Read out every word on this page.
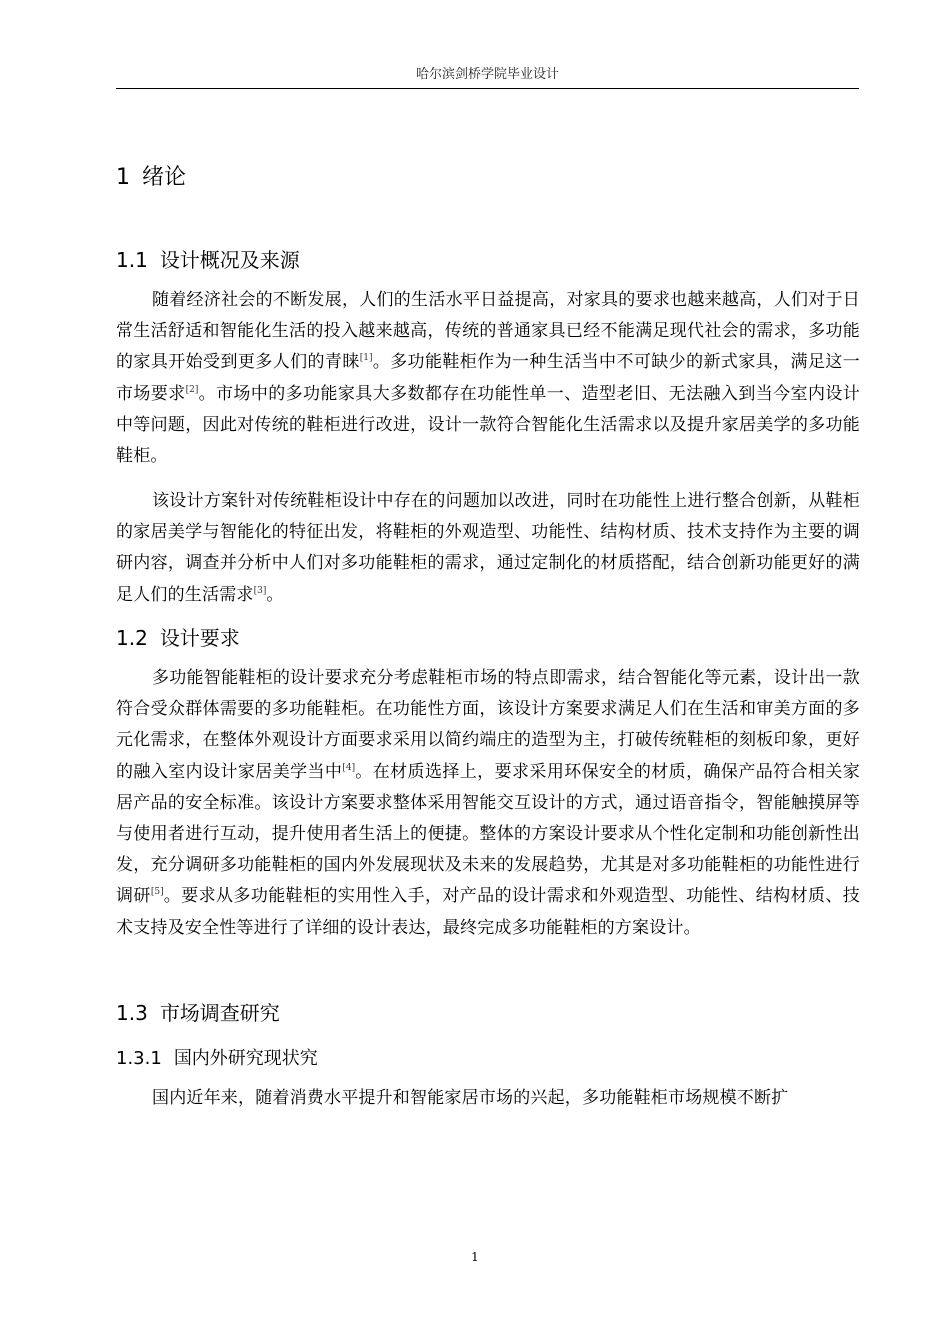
哈尔滨剑桥学院毕业设计
1 绪论
1.1 设计概况及来源

随着经济社会的不断发展，人们的生活水平日益提高，对家具的要求也越来越高，人们对于日常生活舒适和智能化生活的投入越来越高，传统的普通家具已经不能满足现代社会的需求，多功能的家具开始受到更多人们的青睐[1]。多功能鞋柜作为一种生活当中不可缺少的新式家具，满足这一市场要求[2]。市场中的多功能家具大多数都存在功能性单一、造型老旧、无法融入到当今室内设计中等问题，因此对传统的鞋柜进行改进，设计一款符合智能化生活需求以及提升家居美学的多功能鞋柜。

该设计方案针对传统鞋柜设计中存在的问题加以改进，同时在功能性上进行整合创新，从鞋柜的家居美学与智能化的特征出发，将鞋柜的外观造型、功能性、结构材质、技术支持作为主要的调研内容，调查并分析中人们对多功能鞋柜的需求，通过定制化的材质搭配，结合创新功能更好的满足人们的生活需求[3]。

1.2 设计要求

多功能智能鞋柜的设计要求充分考虑鞋柜市场的特点即需求，结合智能化等元素，设计出一款符合受众群体需要的多功能鞋柜。在功能性方面，该设计方案要求满足人们在生活和审美方面的多元化需求，在整体外观设计方面要求采用以简约端庄的造型为主，打破传统鞋柜的刻板印象，更好的融入室内设计家居美学当中[4]。在材质选择上，要求采用环保安全的材质，确保产品符合相关家居产品的安全标准。该设计方案要求整体采用智能交互设计的方式，通过语音指令，智能触摸屏等与使用者进行互动，提升使用者生活上的便捷。整体的方案设计要求从个性化定制和功能创新性出发，充分调研多功能鞋柜的国内外发展现状及未来的发展趋势，尤其是对多功能鞋柜的功能性进行调研[5]。要求从多功能鞋柜的实用性入手，对产品的设计需求和外观造型、功能性、结构材质、技术支持及安全性等进行了详细的设计表达，最终完成多功能鞋柜的方案设计。

1.3 市场调查研究
1.3.1 国内外研究现状究

国内近年来，随着消费水平提升和智能家居市场的兴起，多功能鞋柜市场规模不断扩

1
